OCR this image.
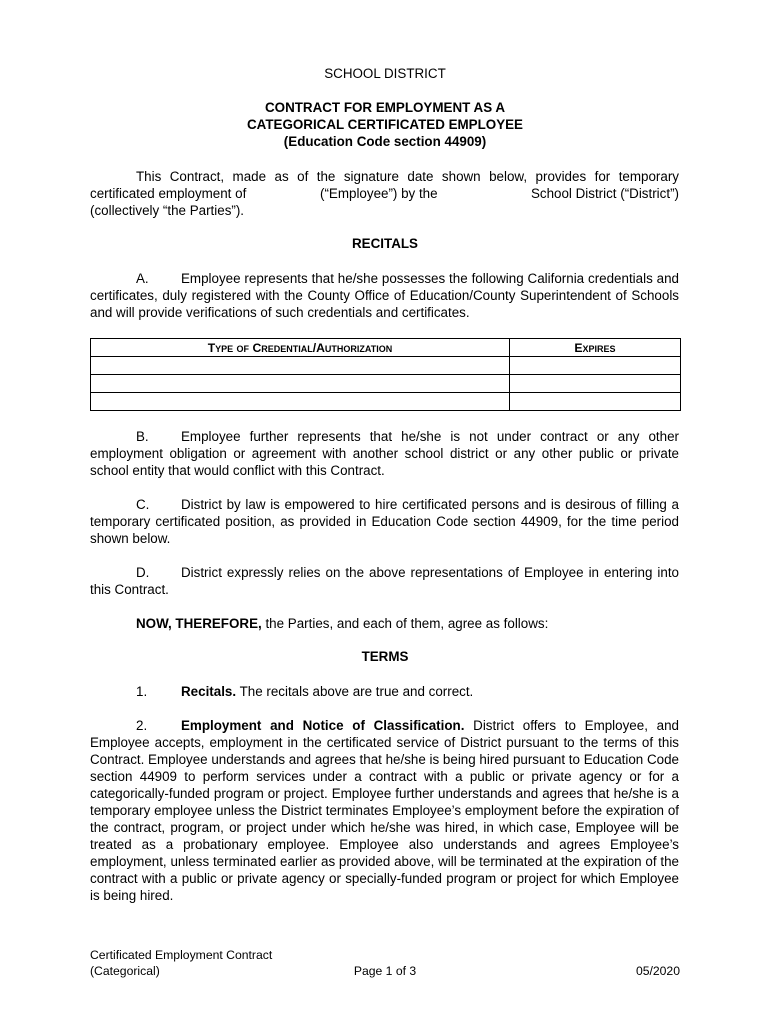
SCHOOL DISTRICT
CONTRACT FOR EMPLOYMENT AS A
CATEGORICAL CERTIFICATED EMPLOYEE
(Education Code section 44909)
This Contract, made as of the signature date shown below, provides for temporary
certificated employment of	(“Employee”) by the	School District (“District”)
(collectively “the Parties”).
RECITALS
A. Employee represents that he/she possesses the following California credentials and certificates, duly registered with the County Office of Education/County Superintendent of Schools and will provide verifications of such credentials and certificates.
Type of Credential/Authorization	Expires

B. Employee further represents that he/she is not under contract or any other employment obligation or agreement with another school district or any other public or private school entity that would conflict with this Contract.
C. District by law is empowered to hire certificated persons and is desirous of filling a temporary certificated position, as provided in Education Code section 44909, for the time period shown below.
D. District expressly relies on the above representations of Employee in entering into this Contract.
NOW, THEREFORE, the Parties, and each of them, agree as follows:
TERMS
1.	Recitals. The recitals above are true and correct.
2.	Employment and Notice of Classification. District offers to Employee, and Employee accepts, employment in the certificated service of District pursuant to the terms of this Contract. Employee understands and agrees that he/she is being hired pursuant to Education Code section 44909 to perform services under a contract with a public or private agency or for a categorically-funded program or project. Employee further understands and agrees that he/she is a temporary employee unless the District terminates Employee’s employment before the expiration of the contract, program, or project under which he/she was hired, in which case, Employee will be treated as a probationary employee. Employee also understands and agrees Employee’s employment, unless terminated earlier as provided above, will be terminated at the expiration of the contract with a public or private agency or specially-funded program or project for which Employee is being hired.
Certificated Employment Contract
(Categorical)	Page 1 of 3	05/2020
